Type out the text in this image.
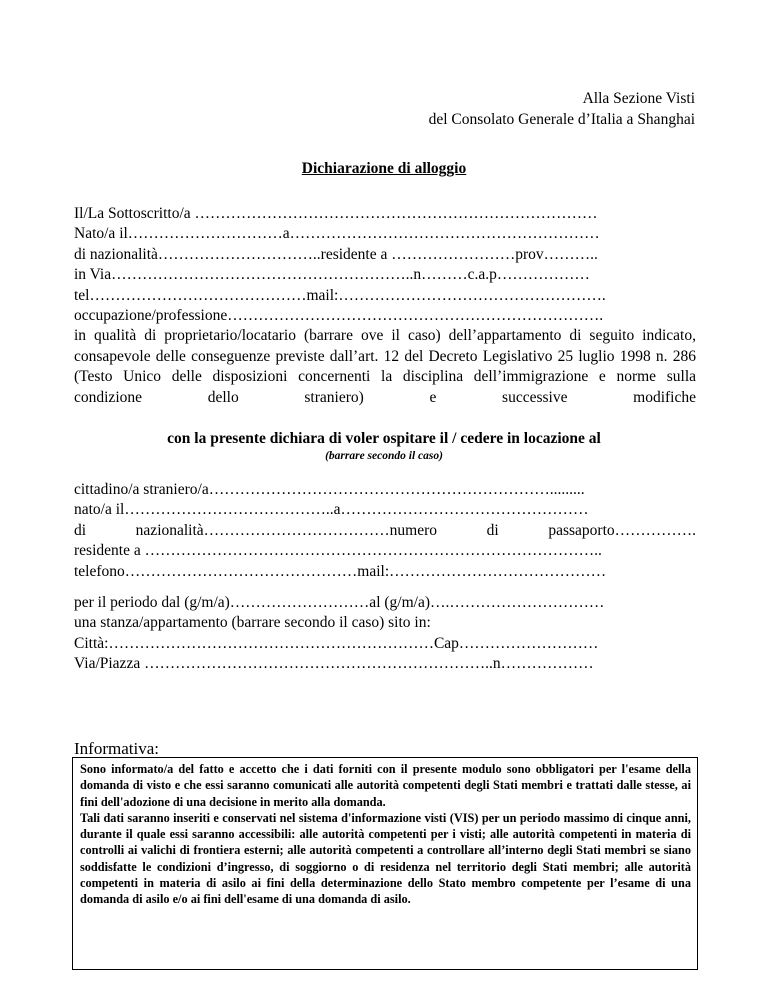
Alla Sezione Visti
del Consolato Generale d’Italia a Shanghai
Dichiarazione di alloggio
Il/La Sottoscritto/a ……………………………………………………………………
Nato/a il…………………………a……………………………………………………
di nazionalità…………………………..residente a ……………………prov………..
in Via…………………………………………………..n………c.a.p………………
tel……………………………………mail:…………………………………………….
occupazione/professione……………………………………………………………….
in qualità di proprietario/locatario (barrare ove il caso) dell’appartamento di seguito indicato, consapevole delle conseguenze previste dall’art. 12 del Decreto Legislativo 25 luglio 1998 n. 286 (Testo Unico delle disposizioni concernenti la disciplina dell’immigrazione e norme sulla condizione dello straniero) e successive modifiche
con la presente dichiara di voler ospitare il / cedere in locazione al
(barrare secondo il caso)
cittadino/a straniero/a………………………………………………………….........
nato/a il…………………………………..a…………………………………………
di nazionalità………………………………numero di passaporto…………….
residente a ……………………………………………………………………………..
telefono………………………………………mail:……………………………………
per il periodo dal (g/m/a)………………………al (g/m/a)….…………………………
una stanza/appartamento (barrare secondo il caso) sito in:
Città:………………………………………………………Cap………………………
Via/Piazza …………………………………………………………..n………………
Informativa:

Sono informato/a del fatto e accetto che i dati forniti con il presente modulo sono obbligatori per l'esame della domanda di visto e che essi saranno comunicati alle autorità competenti degli Stati membri e trattati dalle stesse, ai fini dell'adozione di una decisione in merito alla domanda.

Tali dati saranno inseriti e conservati nel sistema d'informazione visti (VIS) per un periodo massimo di cinque anni, durante il quale essi saranno accessibili: alle autorità competenti per i visti; alle autorità competenti in materia di controlli ai valichi di frontiera esterni; alle autorità competenti a controllare all’interno degli Stati membri se siano soddisfatte le condizioni d’ingresso, di soggiorno o di residenza nel territorio degli Stati membri; alle autorità competenti in materia di asilo ai fini della determinazione dello Stato membro competente per l’esame di una domanda di asilo e/o ai fini dell'esame di una domanda di asilo.
